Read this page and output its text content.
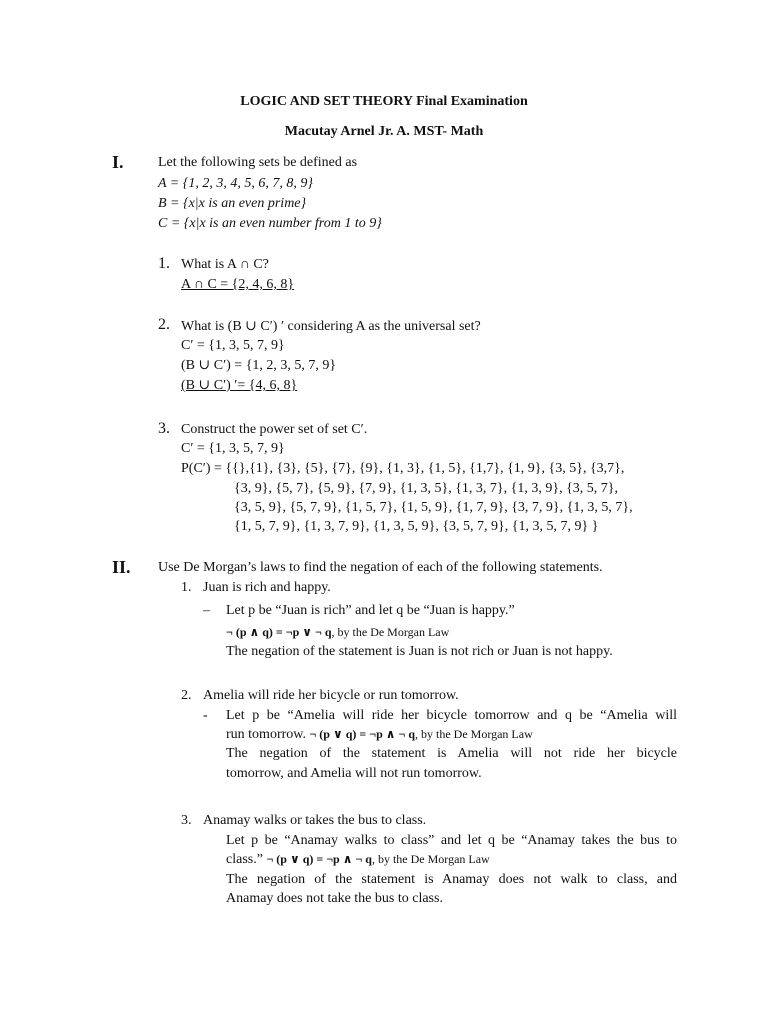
LOGIC AND SET THEORY Final Examination
Macutay Arnel Jr. A. MST- Math
I. Let the following sets be defined as
A = {1, 2, 3, 4, 5, 6, 7, 8, 9}
B = {x|x is an even prime}
C = {x|x is an even number from 1 to 9}
1. What is A ∩ C?
A ∩ C = {2, 4, 6, 8}
2. What is (B ∪ C′) ′ considering A as the universal set?
C′ = {1, 3, 5, 7, 9}
(B ∪ C′) = {1, 2, 3, 5, 7, 9}
(B ∪ C′) ′= {4, 6, 8}
3. Construct the power set of set C′.
C′ = {1, 3, 5, 7, 9}
P(C′) = {{},{1}, {3}, {5}, {7}, {9}, {1, 3}, {1, 5}, {1,7}, {1, 9}, {3, 5}, {3,7},
{3, 9}, {5, 7}, {5, 9}, {7, 9}, {1, 3, 5}, {1, 3, 7}, {1, 3, 9}, {3, 5, 7},
{3, 5, 9}, {5, 7, 9}, {1, 5, 7}, {1, 5, 9}, {1, 7, 9}, {3, 7, 9}, {1, 3, 5, 7},
{1, 5, 7, 9}, {1, 3, 7, 9}, {1, 3, 5, 9}, {3, 5, 7, 9}, {1, 3, 5, 7, 9} }
II. Use De Morgan’s laws to find the negation of each of the following statements.
1. Juan is rich and happy.
– Let p be “Juan is rich” and let q be “Juan is happy.”
¬ (p ∧ q) = ¬p ∨ ¬ q, by the De Morgan Law
The negation of the statement is Juan is not rich or Juan is not happy.
2. Amelia will ride her bicycle or run tomorrow.
- Let p be “Amelia will ride her bicycle tomorrow and q be “Amelia will
run tomorrow. ¬ (p ∨ q) = ¬p ∧ ¬ q, by the De Morgan Law
The negation of the statement is Amelia will not ride her bicycle
tomorrow, and Amelia will not run tomorrow.
3. Anamay walks or takes the bus to class.
Let p be “Anamay walks to class” and let q be “Anamay takes the bus to
class.” ¬ (p ∨ q) = ¬p ∧ ¬ q, by the De Morgan Law
The negation of the statement is Anamay does not walk to class, and
Anamay does not take the bus to class.
